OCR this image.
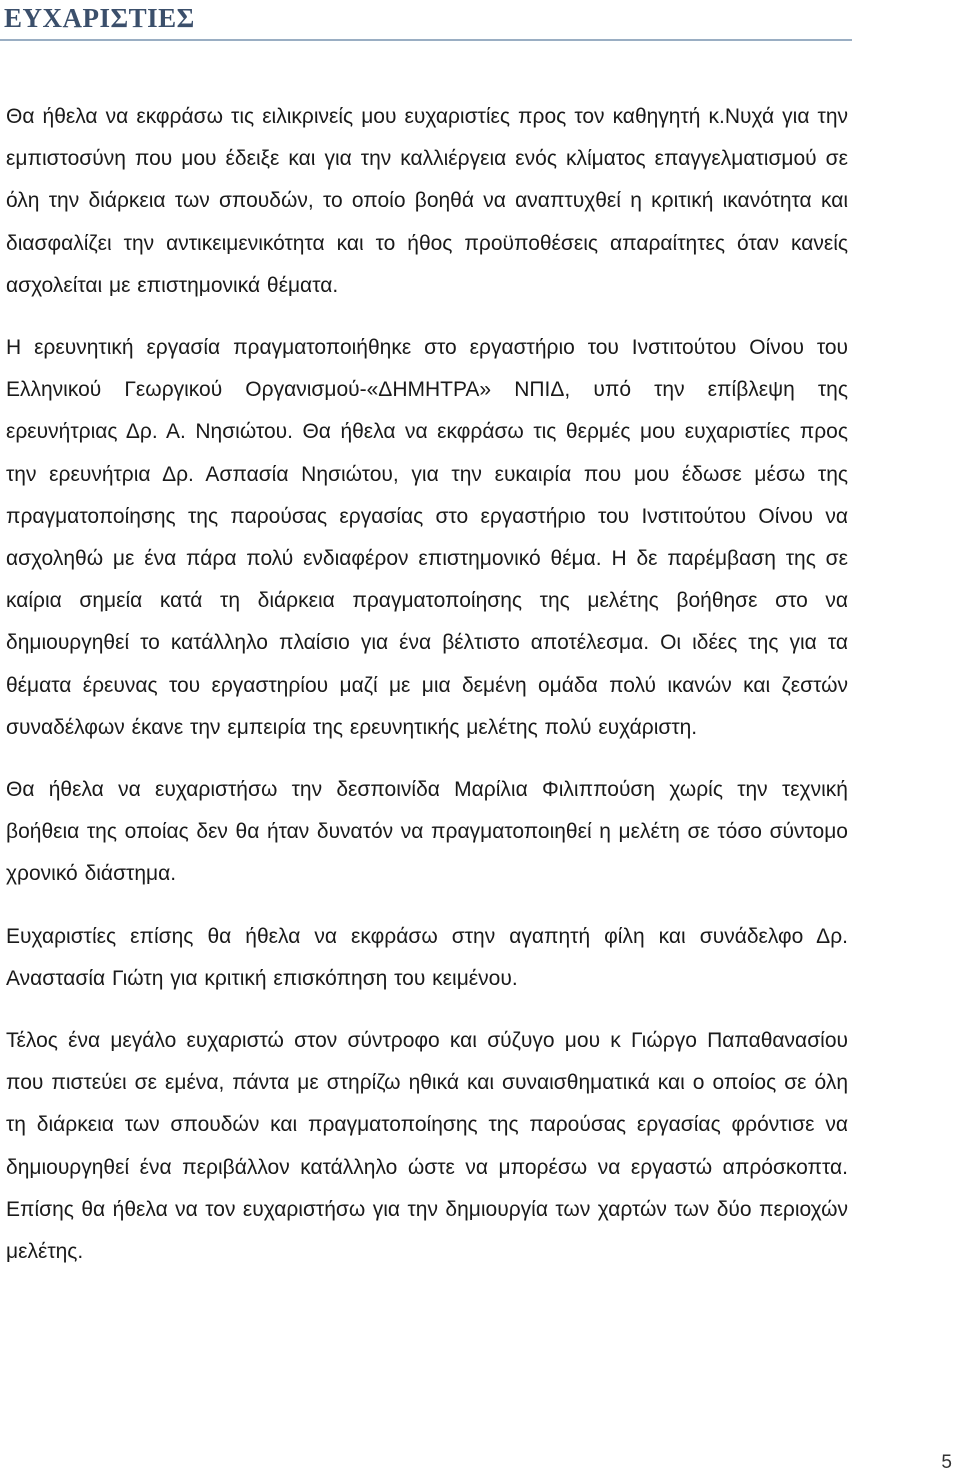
ΕΥΧΑΡΙΣΤΙΕΣ

Θα ήθελα να εκφράσω τις ειλικρινείς μου ευχαριστίες προς τον καθηγητή κ.Νυχά για την εμπιστοσύνη που μου έδειξε και για την καλλιέργεια ενός κλίματος επαγγελματισμού σε όλη την διάρκεια των σπουδών, το οποίο βοηθά να αναπτυχθεί η κριτική ικανότητα και διασφαλίζει την αντικειμενικότητα και το ήθος προϋποθέσεις απαραίτητες όταν κανείς ασχολείται με επιστημονικά θέματα.

Η ερευνητική εργασία πραγματοποιήθηκε στο εργαστήριο του Ινστιτούτου Οίνου του Ελληνικού Γεωργικού Οργανισμού-«ΔΗΜΗΤΡΑ» ΝΠΙΔ, υπό την επίβλεψη της ερευνήτριας Δρ. Α. Νησιώτου. Θα ήθελα να εκφράσω τις θερμές μου ευχαριστίες προς την ερευνήτρια Δρ. Ασπασία Νησιώτου, για την ευκαιρία που μου έδωσε μέσω της πραγματοποίησης της παρούσας εργασίας στο εργαστήριο του Ινστιτούτου Οίνου να ασχοληθώ με ένα πάρα πολύ ενδιαφέρον επιστημονικό θέμα. Η δε παρέμβαση της σε καίρια σημεία κατά τη διάρκεια πραγματοποίησης της μελέτης βοήθησε στο να δημιουργηθεί το κατάλληλο πλαίσιο για ένα βέλτιστο αποτέλεσμα. Οι ιδέες της για τα θέματα έρευνας του εργαστηρίου μαζί με μια δεμένη ομάδα πολύ ικανών και ζεστών συναδέλφων έκανε την εμπειρία της ερευνητικής μελέτης πολύ ευχάριστη.

Θα ήθελα να ευχαριστήσω την δεσποινίδα Μαρίλια Φιλιππούση χωρίς την τεχνική βοήθεια της οποίας δεν θα ήταν δυνατόν να πραγματοποιηθεί η μελέτη σε τόσο σύντομο χρονικό διάστημα.

Ευχαριστίες επίσης θα ήθελα να εκφράσω στην αγαπητή φίλη και συνάδελφο Δρ. Αναστασία Γιώτη για κριτική επισκόπηση του κειμένου.

Τέλος ένα μεγάλο ευχαριστώ στον σύντροφο και σύζυγο μου κ Γιώργο Παπαθανασίου που πιστεύει σε εμένα, πάντα με στηρίζω ηθικά και συναισθηματικά και ο οποίος σε όλη τη διάρκεια των σπουδών και πραγματοποίησης της παρούσας εργασίας φρόντισε να δημιουργηθεί ένα περιβάλλον κατάλληλο ώστε να μπορέσω να εργαστώ απρόσκοπτα. Επίσης θα ήθελα να τον ευχαριστήσω για την δημιουργία των χαρτών των δύο περιοχών μελέτης.

5
